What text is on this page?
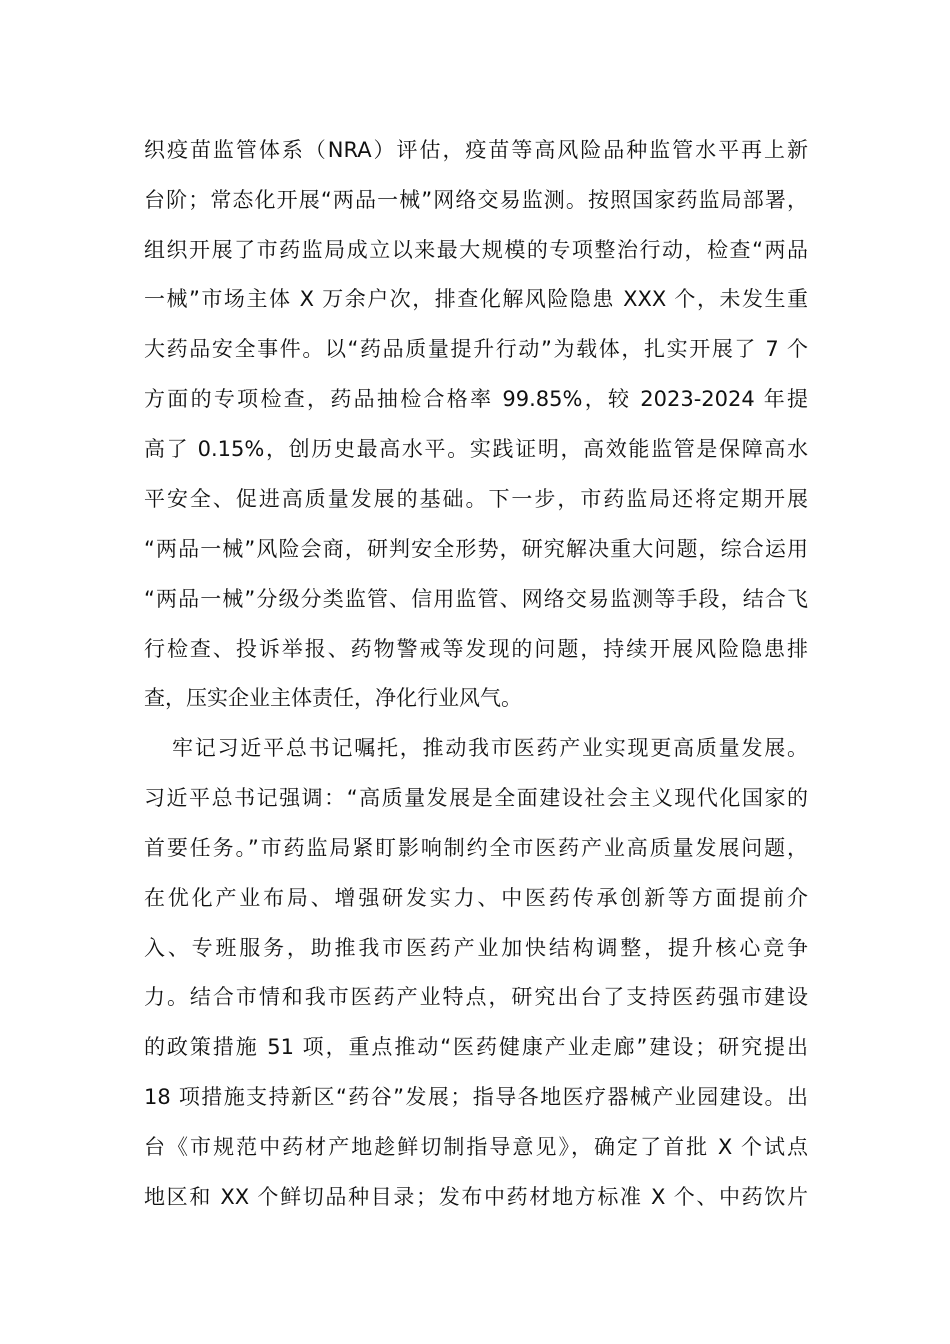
织疫苗监管体系（NRA）评估，疫苗等高风险品种监管水平再上新
台阶；常态化开展“两品一械”网络交易监测。按照国家药监局部署，
组织开展了市药监局成立以来最大规模的专项整治行动，检查“两品
一械”市场主体 X 万余户次，排查化解风险隐患 XXX 个，未发生重
大药品安全事件。以“药品质量提升行动”为载体，扎实开展了 7 个
方面的专项检查，药品抽检合格率 99.85%，较 2023-2024 年提
高了 0.15%，创历史最高水平。实践证明，高效能监管是保障高水
平安全、促进高质量发展的基础。下一步，市药监局还将定期开展
“两品一械”风险会商，研判安全形势，研究解决重大问题，综合运用
“两品一械”分级分类监管、信用监管、网络交易监测等手段，结合飞
行检查、投诉举报、药物警戒等发现的问题，持续开展风险隐患排
查，压实企业主体责任，净化行业风气。
牢记习近平总书记嘱托，推动我市医药产业实现更高质量发展。
习近平总书记强调：“高质量发展是全面建设社会主义现代化国家的
首要任务。”市药监局紧盯影响制约全市医药产业高质量发展问题，
在优化产业布局、增强研发实力、中医药传承创新等方面提前介
入、专班服务，助推我市医药产业加快结构调整，提升核心竞争
力。结合市情和我市医药产业特点，研究出台了支持医药强市建设
的政策措施 51 项，重点推动“医药健康产业走廊”建设；研究提出
18 项措施支持新区“药谷”发展；指导各地医疗器械产业园建设。出
台《市规范中药材产地趁鲜切制指导意见》，确定了首批 X 个试点
地区和 XX 个鲜切品种目录；发布中药材地方标准 X 个、中药饮片
